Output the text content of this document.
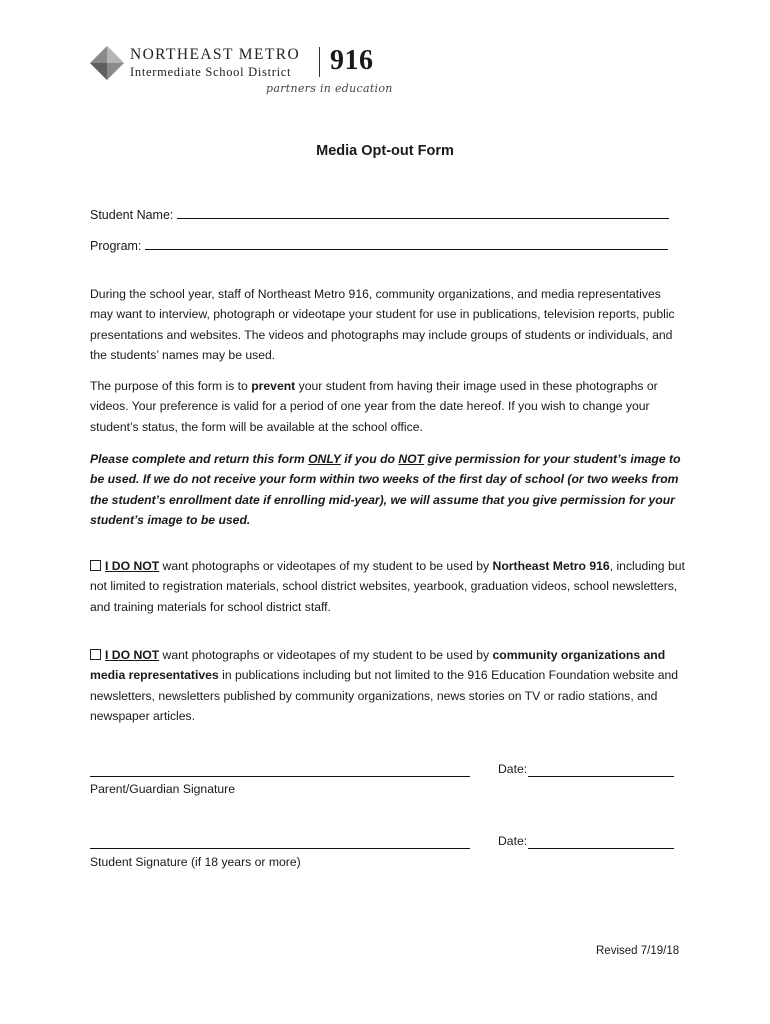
NORTHEAST METRO
Intermediate School District 916
partners in education
Media Opt-out Form
Student Name:
Program:
During the school year, staff of Northeast Metro 916, community organizations, and media representatives may want to interview, photograph or videotape your student for use in publications, television reports, public presentations and websites. The videos and photographs may include groups of students or individuals, and the students’ names may be used.
The purpose of this form is to prevent your student from having their image used in these photographs or videos. Your preference is valid for a period of one year from the date hereof. If you wish to change your student’s status, the form will be available at the school office.
Please complete and return this form ONLY if you do NOT give permission for your student’s image to be used. If we do not receive your form within two weeks of the first day of school (or two weeks from the student’s enrollment date if enrolling mid-year), we will assume that you give permission for your student’s image to be used.
I DO NOT want photographs or videotapes of my student to be used by Northeast Metro 916, including but not limited to registration materials, school district websites, yearbook, graduation videos, school newsletters, and training materials for school district staff.
I DO NOT want photographs or videotapes of my student to be used by community organizations and media representatives in publications including but not limited to the 916 Education Foundation website and newsletters, newsletters published by community organizations, news stories on TV or radio stations, and newspaper articles.
Parent/Guardian Signature
Date:
Student Signature (if 18 years or more)
Date:
Revised 7/19/18
